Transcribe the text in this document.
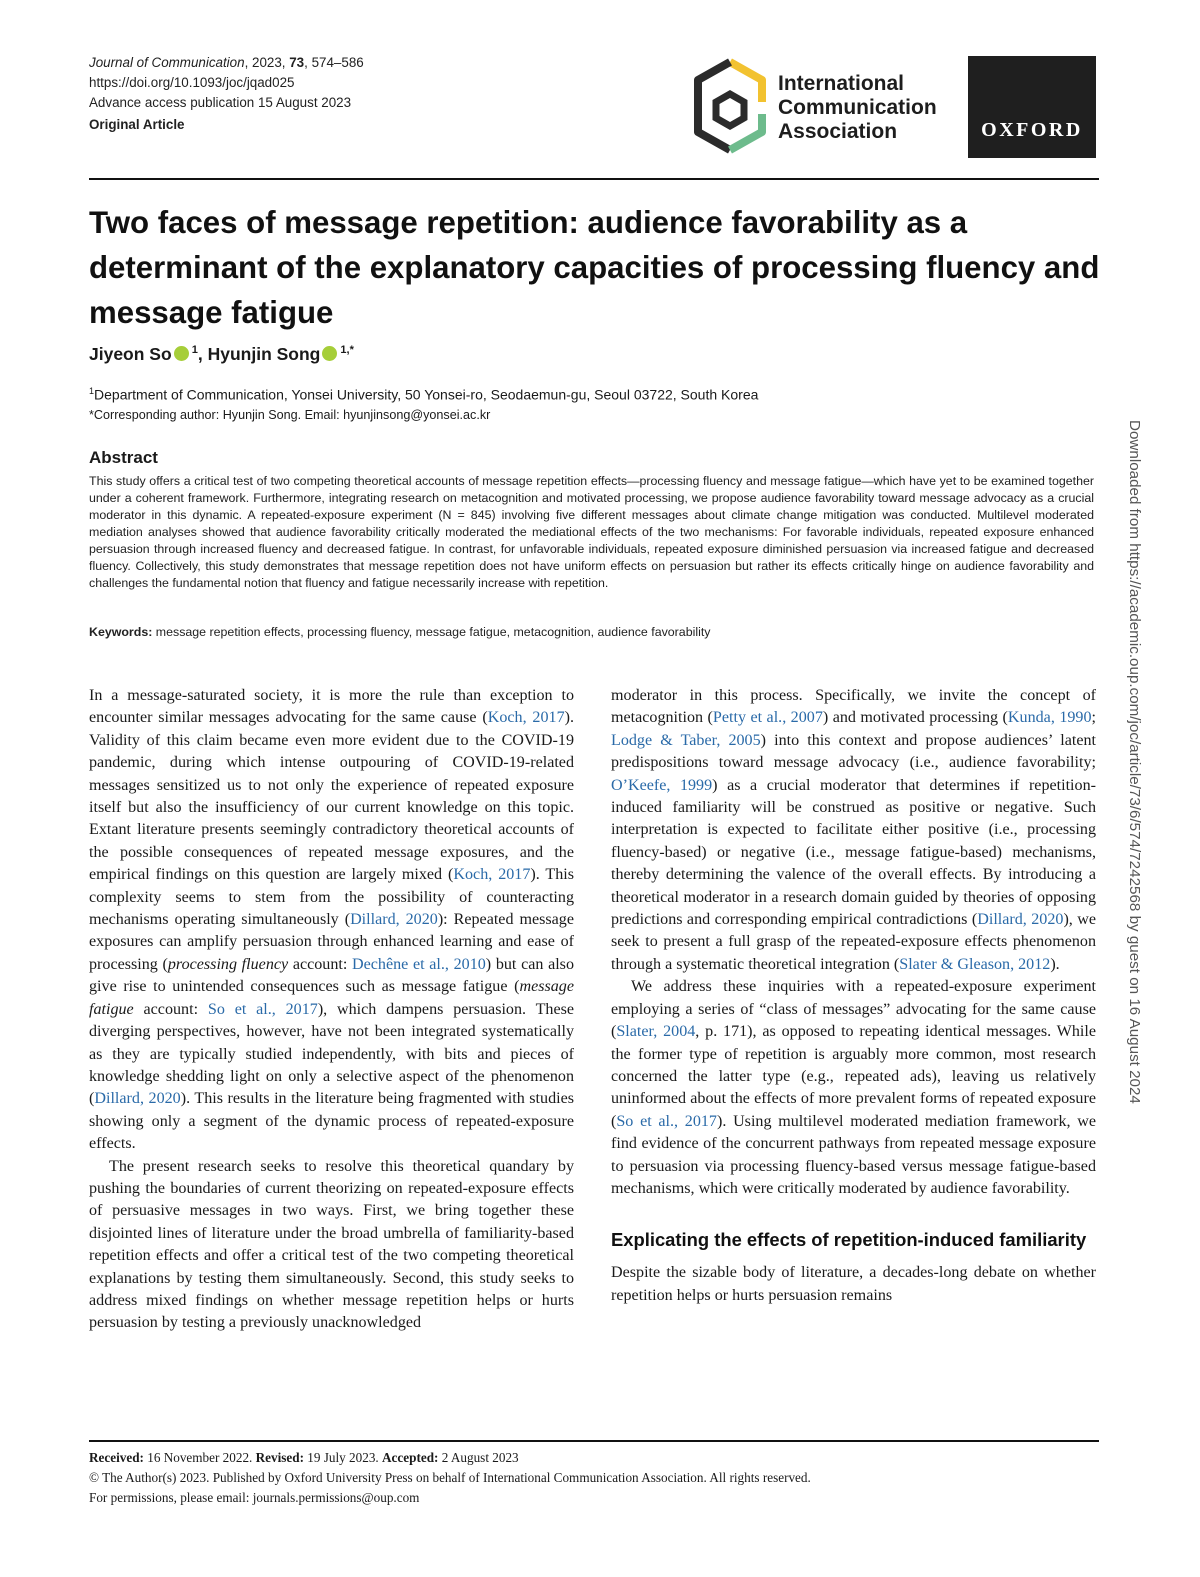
Journal of Communication, 2023, 73, 574–586
https://doi.org/10.1093/joc/jqad025
Advance access publication 15 August 2023
Original Article
International
Communication
Association	OXFORD
Two faces of message repetition: audience favorability as a determinant of the explanatory capacities of processing fluency and message fatigue
Jiyeon So $^1$, Hyunjin Song $^{1,*}$
$^1$Department of Communication, Yonsei University, 50 Yonsei-ro, Seodaemun-gu, Seoul 03722, South Korea
*Corresponding author: Hyunjin Song. Email: hyunjinsong@yonsei.ac.kr
Abstract
This study offers a critical test of two competing theoretical accounts of message repetition effects—processing fluency and message fatigue—which have yet to be examined together under a coherent framework. Furthermore, integrating research on metacognition and motivated processing, we propose audience favorability toward message advocacy as a crucial moderator in this dynamic. A repeated-exposure experiment (N = 845) involving five different messages about climate change mitigation was conducted. Multilevel moderated mediation analyses showed that audience favorability critically moderated the mediational effects of the two mechanisms: For favorable individuals, repeated exposure enhanced persuasion through increased fluency and decreased fatigue. In contrast, for unfavorable individuals, repeated exposure diminished persuasion via increased fatigue and decreased fluency. Collectively, this study demonstrates that message repetition does not have uniform effects on persuasion but rather its effects critically hinge on audience favorability and challenges the fundamental notion that fluency and fatigue necessarily increase with repetition.
Keywords: message repetition effects, processing fluency, message fatigue, metacognition, audience favorability

In a message-saturated society, it is more the rule than exception to encounter similar messages advocating for the same cause (Koch, 2017). Validity of this claim became even more evident due to the COVID-19 pandemic, during which intense outpouring of COVID-19-related messages sensitized us to not only the experience of repeated exposure itself but also the insufficiency of our current knowledge on this topic. Extant literature presents seemingly contradictory theoretical accounts of the possible consequences of repeated message exposures, and the empirical findings on this question are largely mixed (Koch, 2017). This complexity seems to stem from the possibility of counteracting mechanisms operating simultaneously (Dillard, 2020): Repeated message exposures can amplify persuasion through enhanced learning and ease of processing (processing fluency account: Dechêne et al., 2010) but can also give rise to unintended consequences such as message fatigue (message fatigue account: So et al., 2017), which dampens persuasion. These diverging perspectives, however, have not been integrated systematically as they are typically studied independently, with bits and pieces of knowledge shedding light on only a selective aspect of the phenomenon (Dillard, 2020). This results in the literature being fragmented with studies showing only a segment of the dynamic process of repeated-exposure effects.

The present research seeks to resolve this theoretical quandary by pushing the boundaries of current theorizing on repeated-exposure effects of persuasive messages in two ways. First, we bring together these disjointed lines of literature under the broad umbrella of familiarity-based repetition effects and offer a critical test of the two competing theoretical explanations by testing them simultaneously. Second, this study seeks to address mixed findings on whether message repetition helps or hurts persuasion by testing a previously unacknowledged

moderator in this process. Specifically, we invite the concept of metacognition (Petty et al., 2007) and motivated processing (Kunda, 1990; Lodge & Taber, 2005) into this context and propose audiences’ latent predispositions toward message advocacy (i.e., audience favorability; O’Keefe, 1999) as a crucial moderator that determines if repetition-induced familiarity will be construed as positive or negative. Such interpretation is expected to facilitate either positive (i.e., processing fluency-based) or negative (i.e., message fatigue-based) mechanisms, thereby determining the valence of the overall effects. By introducing a theoretical moderator in a research domain guided by theories of opposing predictions and corresponding empirical contradictions (Dillard, 2020), we seek to present a full grasp of the repeated-exposure effects phenomenon through a systematic theoretical integration (Slater & Gleason, 2012).

We address these inquiries with a repeated-exposure experiment employing a series of “class of messages” advocating for the same cause (Slater, 2004, p. 171), as opposed to repeating identical messages. While the former type of repetition is arguably more common, most research concerned the latter type (e.g., repeated ads), leaving us relatively uninformed about the effects of more prevalent forms of repeated exposure (So et al., 2017). Using multilevel moderated mediation framework, we find evidence of the concurrent pathways from repeated message exposure to persuasion via processing fluency-based versus message fatigue-based mechanisms, which were critically moderated by audience favorability.

Explicating the effects of repetition-induced familiarity

Despite the sizable body of literature, a decades-long debate on whether repetition helps or hurts persuasion remains

Received: 16 November 2022. Revised: 19 July 2023. Accepted: 2 August 2023
© The Author(s) 2023. Published by Oxford University Press on behalf of International Communication Association. All rights reserved.
For permissions, please email: journals.permissions@oup.com
Downloaded from https://academic.oup.com/joc/article/73/6/574/7242568 by guest on 16 August 2024
